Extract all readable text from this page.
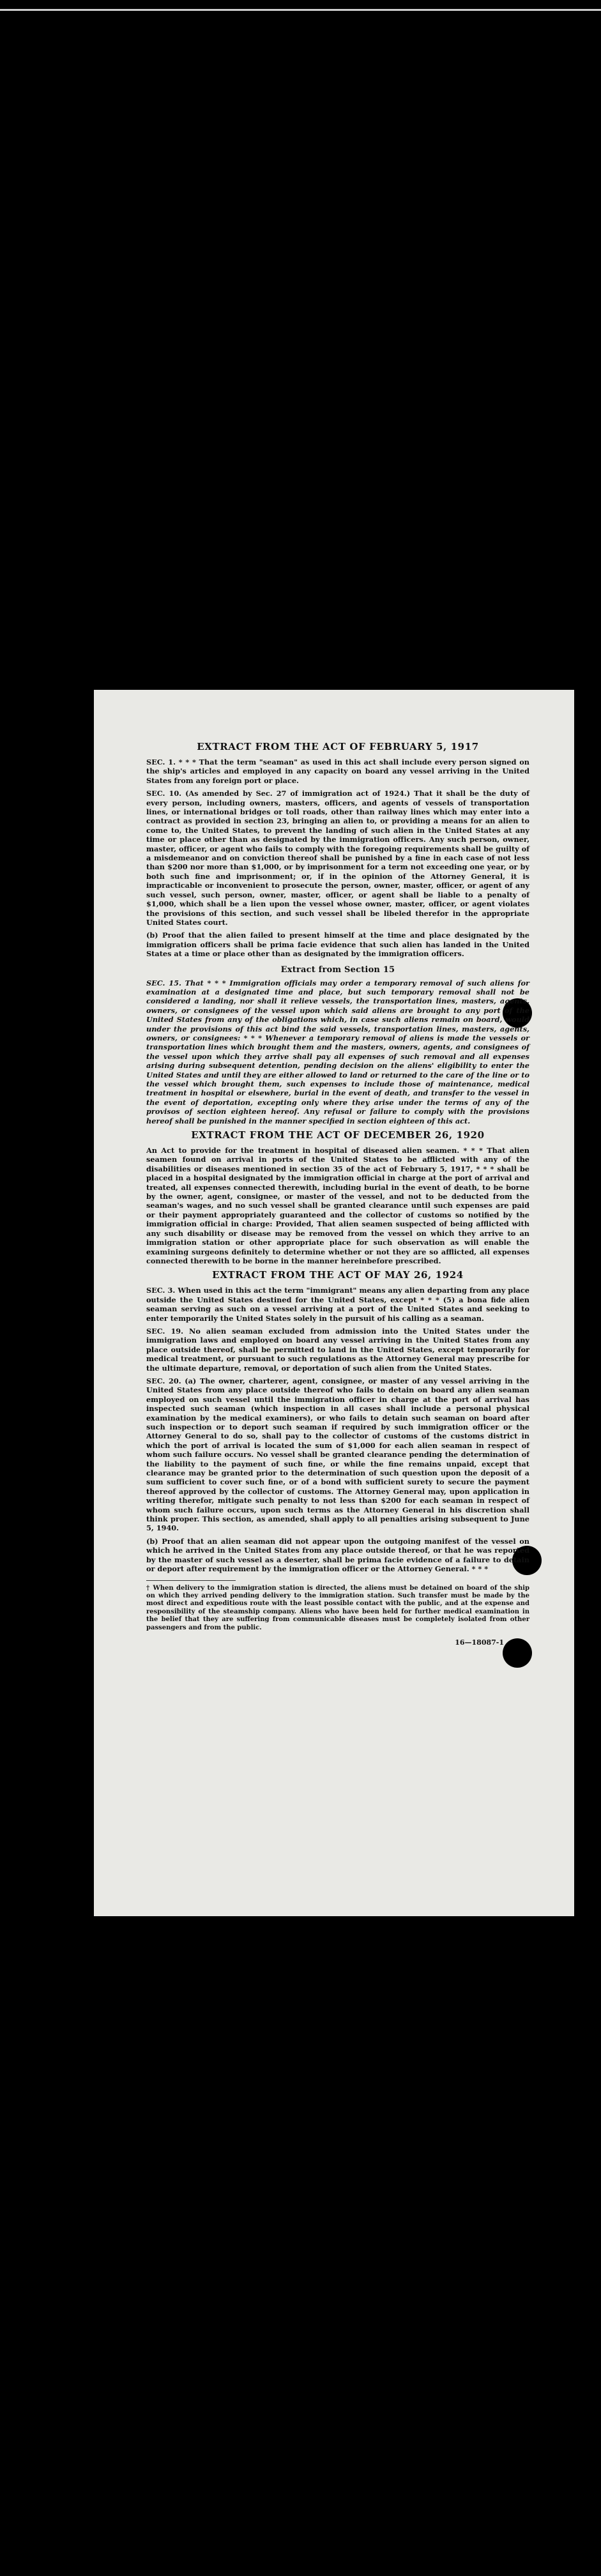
EXTRACT FROM THE ACT OF FEBRUARY 5, 1917

SEC. 1. * * * That the term "seaman" as used in this act shall include every person signed on the ship's articles and employed in any capacity on board any vessel arriving in the United States from any foreign port or place.

SEC. 10. (As amended by Sec. 27 of immigration act of 1924.) That it shall be the duty of every person, including owners, masters, officers, and agents of vessels of transportation lines, or international bridges or toll roads, other than railway lines which may enter into a contract as provided in section 23, bringing an alien to, or providing a means for an alien to come to, the United States, to prevent the landing of such alien in the United States at any time or place other than as designated by the immigration officers. Any such person, owner, master, officer, or agent who fails to comply with the foregoing requirements shall be guilty of a misdemeanor and on conviction thereof shall be punished by a fine in each case of not less than $200 nor more than $1,000, or by imprisonment for a term not exceeding one year, or by both such fine and imprisonment; or, if in the opinion of the Attorney General, it is impracticable or inconvenient to prosecute the person, owner, master, officer, or agent of any such vessel, such person, owner, master, officer, or agent shall be liable to a penalty of $1,000, which shall be a lien upon the vessel whose owner, master, officer, or agent violates the provisions of this section, and such vessel shall be libeled therefor in the appropriate United States court.

(b) Proof that the alien failed to present himself at the time and place designated by the immigration officers shall be prima facie evidence that such alien has landed in the United States at a time or place other than as designated by the immigration officers.

Extract from Section 15

SEC. 15. That * * * Immigration officials may order a temporary removal of such aliens for examination at a designated time and place, but such temporary removal shall not be considered a landing, nor shall it relieve vessels, the transportation lines, masters, agents, owners, or consignees of the vessel upon which said aliens are brought to any port of the United States from any of the obligations which, in case such aliens remain on board, would under the provisions of this act bind the said vessels, transportation lines, masters, agents, owners, or consignees: * * * Whenever a temporary removal of aliens is made the vessels or transportation lines which brought them and the masters, owners, agents, and consignees of the vessel upon which they arrive shall pay all expenses of such removal and all expenses arising during subsequent detention, pending decision on the aliens' eligibility to enter the United States and until they are either allowed to land or returned to the care of the line or to the vessel which brought them, such expenses to include those of maintenance, medical treatment in hospital or elsewhere, burial in the event of death, and transfer to the vessel in the event of deportation, excepting only where they arise under the terms of any of the provisos of section eighteen hereof. Any refusal or failure to comply with the provisions hereof shall be punished in the manner specified in section eighteen of this act.

EXTRACT FROM THE ACT OF DECEMBER 26, 1920

An Act to provide for the treatment in hospital of diseased alien seamen. * * * That alien seamen found on arrival in ports of the United States to be afflicted with any of the disabilities or diseases mentioned in section 35 of the act of February 5, 1917, * * * shall be placed in a hospital designated by the immigration official in charge at the port of arrival and treated, all expenses connected therewith, including burial in the event of death, to be borne by the owner, agent, consignee, or master of the vessel, and not to be deducted from the seaman's wages, and no such vessel shall be granted clearance until such expenses are paid or their payment appropriately guaranteed and the collector of customs so notified by the immigration official in charge: Provided, That alien seamen suspected of being afflicted with any such disability or disease may be removed from the vessel on which they arrive to an immigration station or other appropriate place for such observation as will enable the examining surgeons definitely to determine whether or not they are so afflicted, all expenses connected therewith to be borne in the manner hereinbefore prescribed.

EXTRACT FROM THE ACT OF MAY 26, 1924

SEC. 3. When used in this act the term "immigrant" means any alien departing from any place outside the United States destined for the United States, except * * * (5) a bona fide alien seaman serving as such on a vessel arriving at a port of the United States and seeking to enter temporarily the United States solely in the pursuit of his calling as a seaman.

SEC. 19. No alien seaman excluded from admission into the United States under the immigration laws and employed on board any vessel arriving in the United States from any place outside thereof, shall be permitted to land in the United States, except temporarily for medical treatment, or pursuant to such regulations as the Attorney General may prescribe for the ultimate departure, removal, or deportation of such alien from the United States.

SEC. 20. (a) The owner, charterer, agent, consignee, or master of any vessel arriving in the United States from any place outside thereof who fails to detain on board any alien seaman employed on such vessel until the immigration officer in charge at the port of arrival has inspected such seaman (which inspection in all cases shall include a personal physical examination by the medical examiners), or who fails to detain such seaman on board after such inspection or to deport such seaman if required by such immigration officer or the Attorney General to do so, shall pay to the collector of customs of the customs district in which the port of arrival is located the sum of $1,000 for each alien seaman in respect of whom such failure occurs. No vessel shall be granted clearance pending the determination of the liability to the payment of such fine, or while the fine remains unpaid, except that clearance may be granted prior to the determination of such question upon the deposit of a sum sufficient to cover such fine, or of a bond with sufficient surety to secure the payment thereof approved by the collector of customs. The Attorney General may, upon application in writing therefor, mitigate such penalty to not less than $200 for each seaman in respect of whom such failure occurs, upon such terms as the Attorney General in his discretion shall think proper. This section, as amended, shall apply to all penalties arising subsequent to June 5, 1940.

(b) Proof that an alien seaman did not appear upon the outgoing manifest of the vessel on which he arrived in the United States from any place outside thereof, or that he was reported by the master of such vessel as a deserter, shall be prima facie evidence of a failure to detain or deport after requirement by the immigration officer or the Attorney General. * * *

† When delivery to the immigration station is directed, the aliens must be detained on board of the ship on which they arrived pending delivery to the immigration station. Such transfer must be made by the most direct and expeditious route with the least possible contact with the public, and at the expense and responsibility of the steamship company. Aliens who have been held for further medical examination in the belief that they are suffering from communicable diseases must be completely isolated from other passengers and from the public.

16—18087-1
